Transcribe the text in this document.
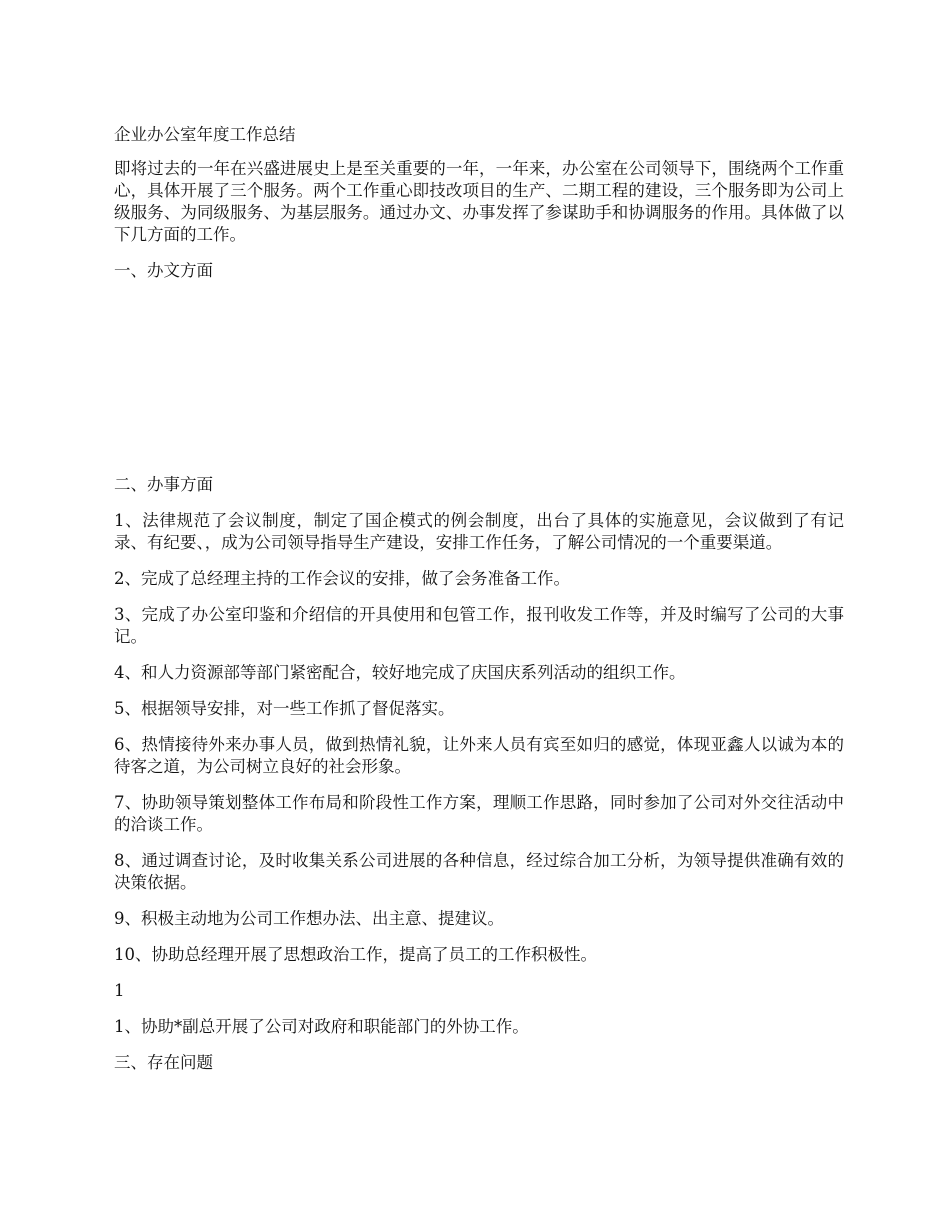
企业办公室年度工作总结

即将过去的一年在兴盛进展史上是至关重要的一年，一年来，办公室在公司领导下，围绕两个工作重心，具体开展了三个服务。两个工作重心即技改项目的生产、二期工程的建设，三个服务即为公司上级服务、为同级服务、为基层服务。通过办文、办事发挥了参谋助手和协调服务的作用。具体做了以下几方面的工作。

一、办文方面

二、办事方面

1、法律规范了会议制度，制定了国企模式的例会制度，出台了具体的实施意见，会议做到了有记录、有纪要、，成为公司领导指导生产建设，安排工作任务，了解公司情况的一个重要渠道。

2、完成了总经理主持的工作会议的安排，做了会务准备工作。

3、完成了办公室印鉴和介绍信的开具使用和包管工作，报刊收发工作等，并及时编写了公司的大事记。

4、和人力资源部等部门紧密配合，较好地完成了庆国庆系列活动的组织工作。

5、根据领导安排，对一些工作抓了督促落实。

6、热情接待外来办事人员，做到热情礼貌，让外来人员有宾至如归的感觉，体现亚鑫人以诚为本的待客之道，为公司树立良好的社会形象。

7、协助领导策划整体工作布局和阶段性工作方案，理顺工作思路，同时参加了公司对外交往活动中的洽谈工作。

8、通过调查讨论，及时收集关系公司进展的各种信息，经过综合加工分析，为领导提供准确有效的决策依据。

9、积极主动地为公司工作想办法、出主意、提建议。

10、协助总经理开展了思想政治工作，提高了员工的工作积极性。

1

1、协助*副总开展了公司对政府和职能部门的外协工作。

三、存在问题
